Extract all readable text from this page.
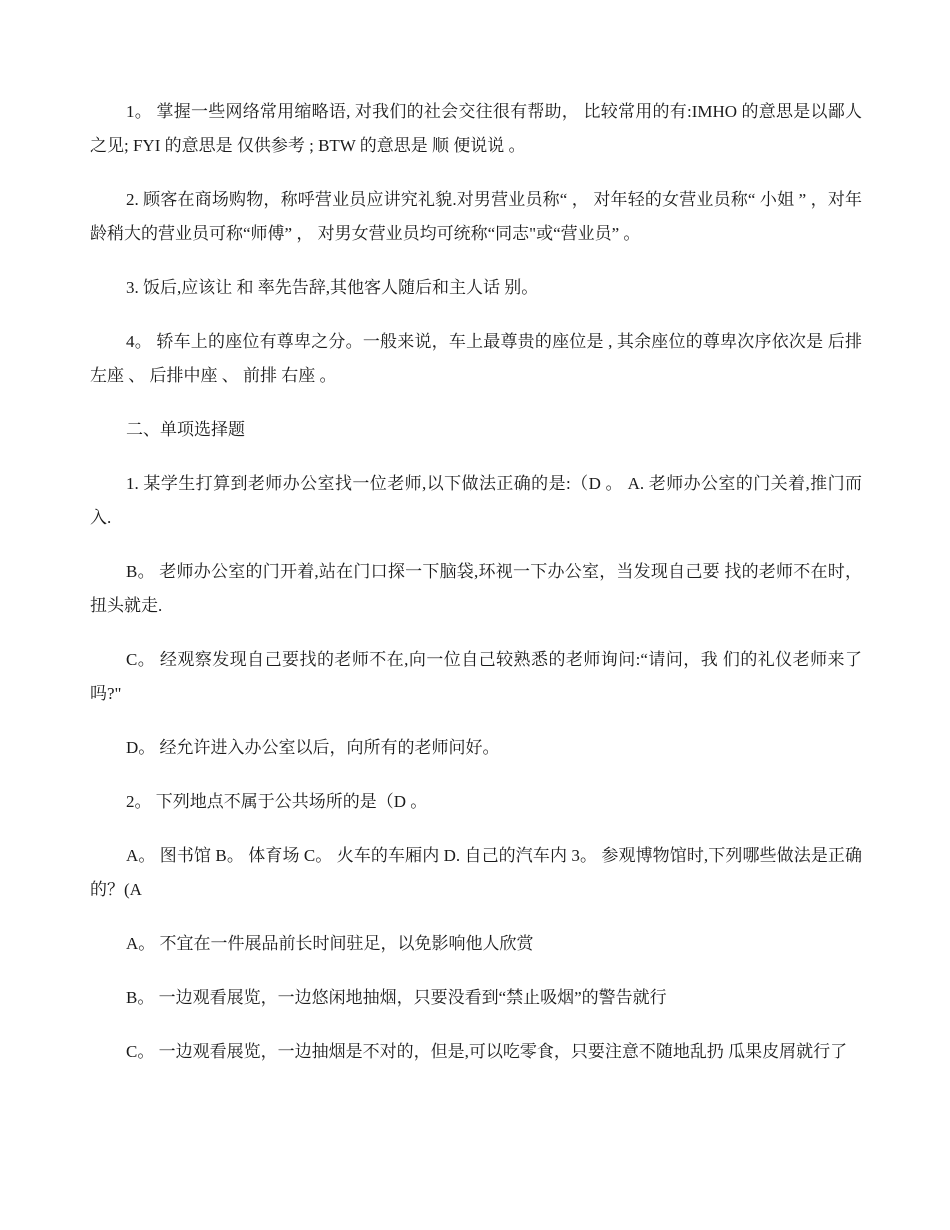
1。 掌握一些网络常用缩略语, 对我们的社会交往很有帮助， 比较常用的有:IMHO 的意思是以鄙人之见; FYI 的意思是 仅供参考 ; BTW 的意思是 顺 便说说 。

2. 顾客在商场购物，称呼营业员应讲究礼貌.对男营业员称“ ， 对年轻的女营业员称“ 小姐 ” ，对年龄稍大的营业员可称“师傅” ， 对男女营业员均可统称“同志"或“营业员” 。

3. 饭后,应该让 和 率先告辞,其他客人随后和主人话 别。

4。 轿车上的座位有尊卑之分。一般来说，车上最尊贵的座位是 , 其余座位的尊卑次序依次是 后排左座 、 后排中座 、 前排 右座 。

二、单项选择题

1. 某学生打算到老师办公室找一位老师,以下做法正确的是:（D 。 A. 老师办公室的门关着,推门而入.

B。 老师办公室的门开着,站在门口探一下脑袋,环视一下办公室，当发现自己要 找的老师不在时，扭头就走.

C。 经观察发现自己要找的老师不在,向一位自己较熟悉的老师询问:“请问，我 们的礼仪老师来了吗?"

D。 经允许进入办公室以后，向所有的老师问好。

2。 下列地点不属于公共场所的是（D 。

A。 图书馆 B。 体育场 C。 火车的车厢内 D. 自己的汽车内 3。 参观博物馆时,下列哪些做法是正确的？(A

A。 不宜在一件展品前长时间驻足，以免影响他人欣赏

B。 一边观看展览，一边悠闲地抽烟，只要没看到“禁止吸烟”的警告就行

C。 一边观看展览，一边抽烟是不对的，但是,可以吃零食，只要注意不随地乱扔 瓜果皮屑就行了
